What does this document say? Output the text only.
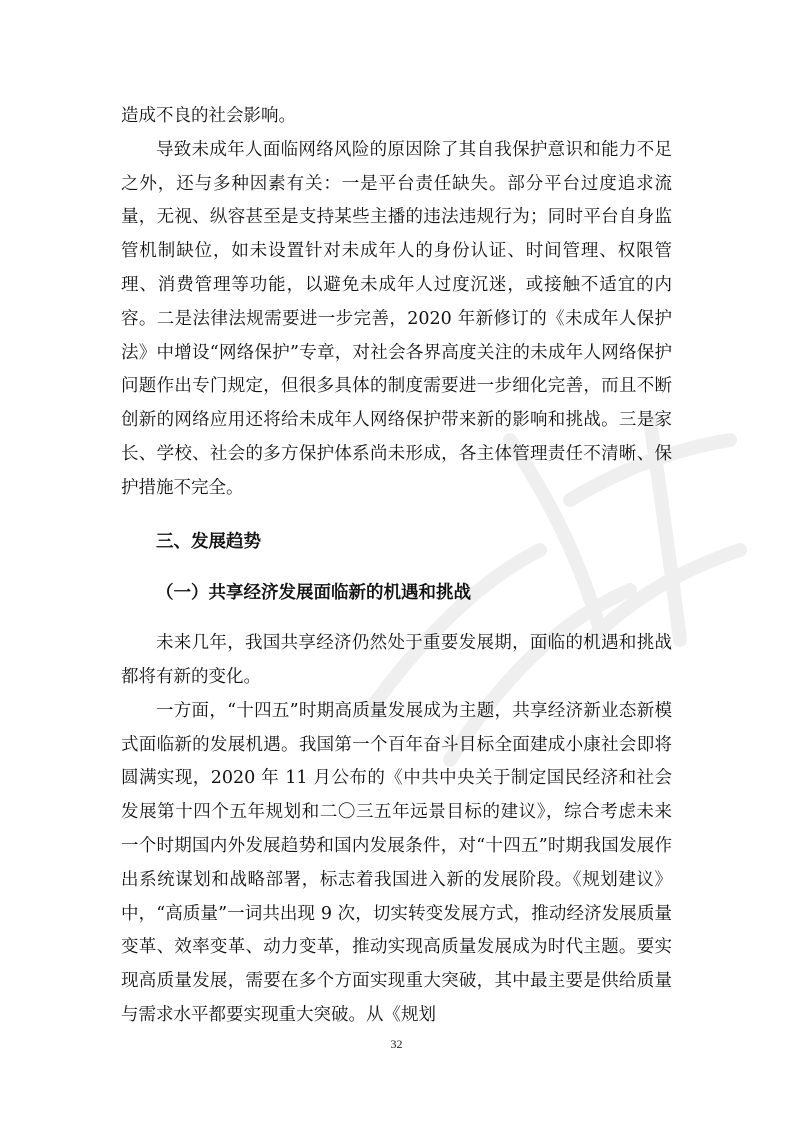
造成不良的社会影响。

导致未成年人面临网络风险的原因除了其自我保护意识和能力不足之外，还与多种因素有关：一是平台责任缺失。部分平台过度追求流量，无视、纵容甚至是支持某些主播的违法违规行为；同时平台自身监管机制缺位，如未设置针对未成年人的身份认证、时间管理、权限管理、消费管理等功能，以避免未成年人过度沉迷，或接触不适宜的内容。二是法律法规需要进一步完善，2020 年新修订的《未成年人保护法》中增设“网络保护”专章，对社会各界高度关注的未成年人网络保护问题作出专门规定，但很多具体的制度需要进一步细化完善，而且不断创新的网络应用还将给未成年人网络保护带来新的影响和挑战。三是家长、学校、社会的多方保护体系尚未形成，各主体管理责任不清晰、保护措施不完全。

三、发展趋势
（一）共享经济发展面临新的机遇和挑战

未来几年，我国共享经济仍然处于重要发展期，面临的机遇和挑战都将有新的变化。

一方面，“十四五”时期高质量发展成为主题，共享经济新业态新模式面临新的发展机遇。我国第一个百年奋斗目标全面建成小康社会即将圆满实现，2020 年 11 月公布的《中共中央关于制定国民经济和社会发展第十四个五年规划和二〇三五年远景目标的建议》，综合考虑未来一个时期国内外发展趋势和国内发展条件，对“十四五”时期我国发展作出系统谋划和战略部署，标志着我国进入新的发展阶段。《规划建议》中，“高质量”一词共出现 9 次，切实转变发展方式，推动经济发展质量变革、效率变革、动力变革，推动实现高质量发展成为时代主题。要实现高质量发展，需要在多个方面实现重大突破，其中最主要是供给质量与需求水平都要实现重大突破。从《规划

32
